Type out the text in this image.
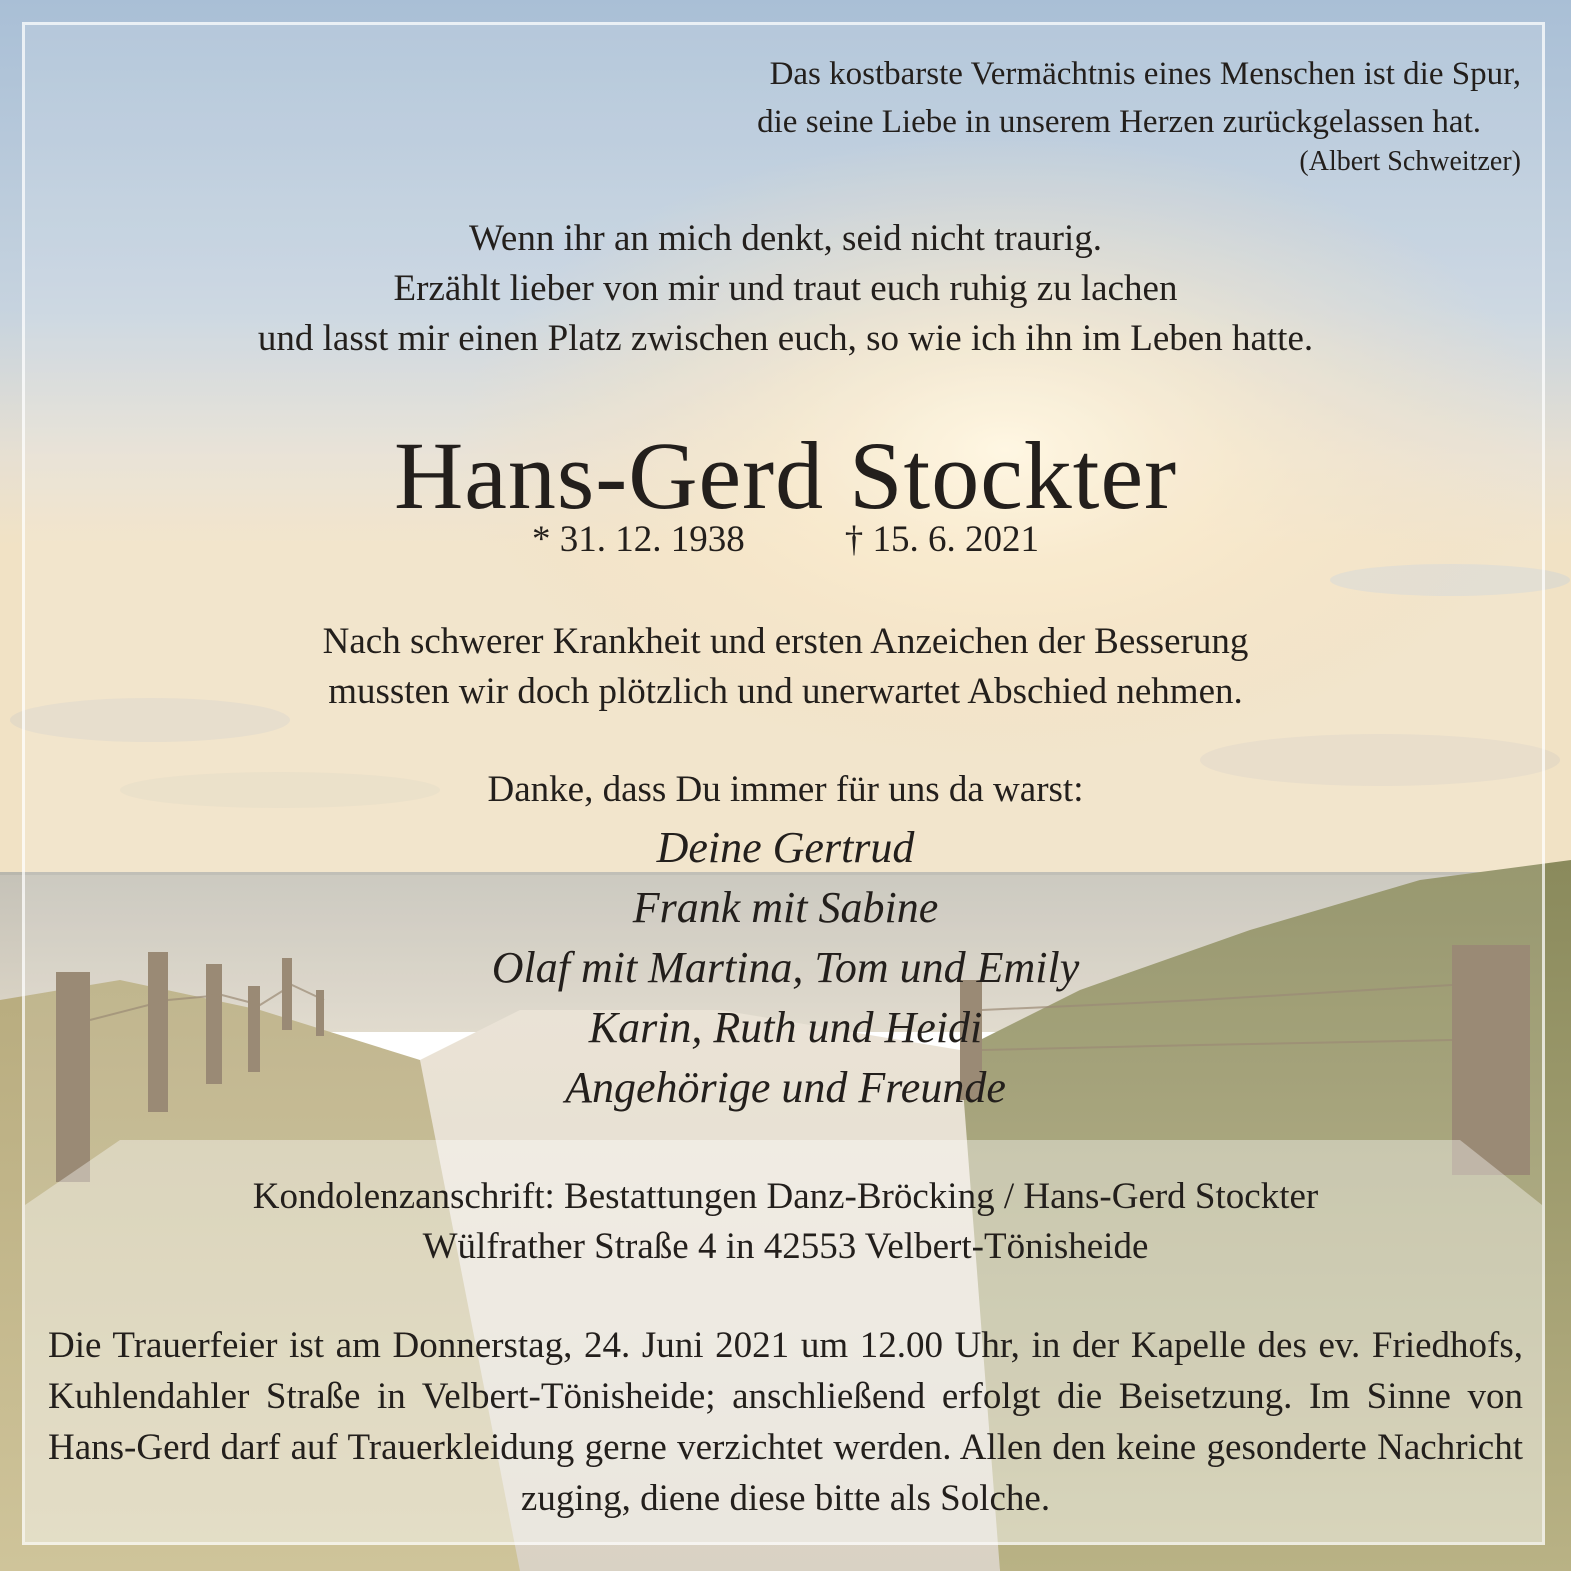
Das kostbarste Vermächtnis eines Menschen ist die Spur,
die seine Liebe in unserem Herzen zurückgelassen hat.
(Albert Schweitzer)
Wenn ihr an mich denkt, seid nicht traurig.
Erzählt lieber von mir und traut euch ruhig zu lachen
und lasst mir einen Platz zwischen euch, so wie ich ihn im Leben hatte.
Hans-Gerd Stockter
* 31. 12. 1938	† 15. 6. 2021
Nach schwerer Krankheit und ersten Anzeichen der Besserung
mussten wir doch plötzlich und unerwartet Abschied nehmen.
Danke, dass Du immer für uns da warst:
Deine Gertrud
Frank mit Sabine
Olaf mit Martina, Tom und Emily
Karin, Ruth und Heidi
Angehörige und Freunde
Kondolenzanschrift: Bestattungen Danz-Bröcking / Hans-Gerd Stockter
Wülfrather Straße 4 in 42553 Velbert-Tönisheide
Die Trauerfeier ist am Donnerstag, 24. Juni 2021 um 12.00 Uhr, in der Kapelle des ev. Friedhofs, Kuhlendahler Straße in Velbert-Tönisheide; anschließend erfolgt die Beisetzung. Im Sinne von Hans-Gerd darf auf Trauerkleidung gerne verzichtet werden. Allen den keine gesonderte Nachricht zuging, diene diese bitte als Solche.
